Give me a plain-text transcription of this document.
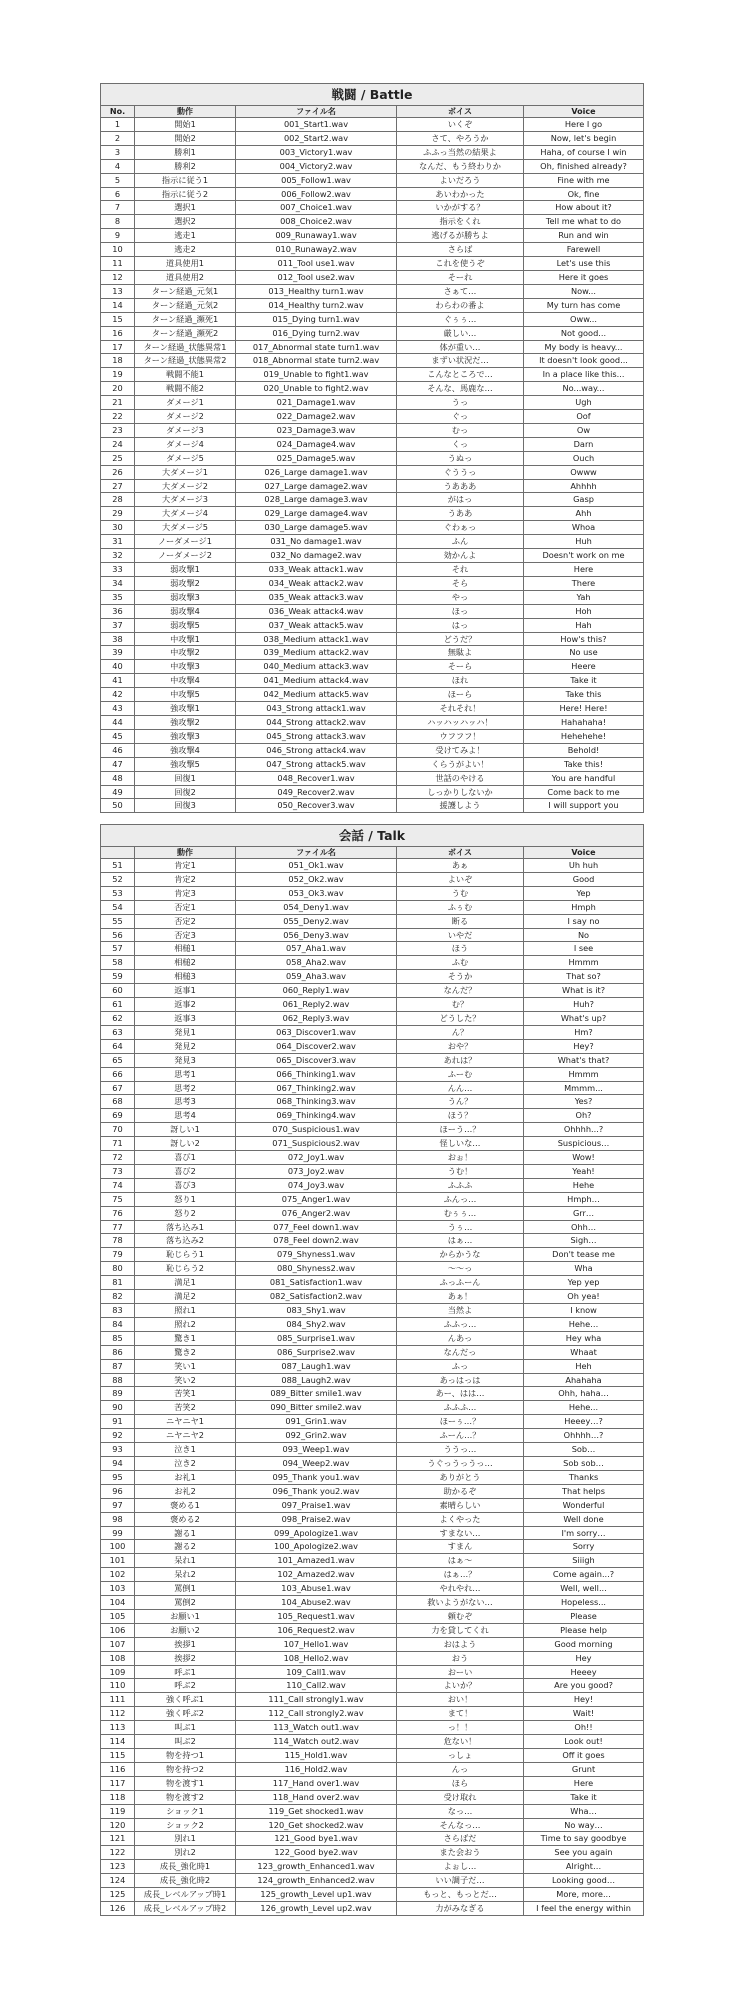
戦闘 / Battle				
No.	動作	ファイル名	ボイス	Voice
1	開始1	001_Start1.wav	いくぞ	Here I go
2	開始2	002_Start2.wav	さて、やろうか	Now, let's begin
3	勝利1	003_Victory1.wav	ふふっ当然の結果よ	Haha, of course I win
4	勝利2	004_Victory2.wav	なんだ、もう終わりか	Oh, finished already?
5	指示に従う1	005_Follow1.wav	よいだろう	Fine with me
6	指示に従う2	006_Follow2.wav	あいわかった	Ok, fine
7	選択1	007_Choice1.wav	いかがする？	How about it?
8	選択2	008_Choice2.wav	指示をくれ	Tell me what to do
9	逃走1	009_Runaway1.wav	逃げるが勝ちよ	Run and win
10	逃走2	010_Runaway2.wav	さらば	Farewell
11	道具使用1	011_Tool use1.wav	これを使うぞ	Let's use this
12	道具使用2	012_Tool use2.wav	そーれ	Here it goes
13	ターン経過_元気1	013_Healthy turn1.wav	さぁて…	Now...
14	ターン経過_元気2	014_Healthy turn2.wav	わらわの番よ	My turn has come
15	ターン経過_瀕死1	015_Dying turn1.wav	ぐぅぅ…	Oww...
16	ターン経過_瀕死2	016_Dying turn2.wav	厳しい…	Not good...
17	ターン経過_状態異常1	017_Abnormal state turn1.wav	体が重い…	My body is heavy...
18	ターン経過_状態異常2	018_Abnormal state turn2.wav	まずい状況だ…	It doesn't look good...
19	戦闘不能1	019_Unable to fight1.wav	こんなところで…	In a place like this...
20	戦闘不能2	020_Unable to fight2.wav	そんな、馬鹿な…	No...way...
21	ダメージ1	021_Damage1.wav	うっ	Ugh
22	ダメージ2	022_Damage2.wav	ぐっ	Oof
23	ダメージ3	023_Damage3.wav	むっ	Ow
24	ダメージ4	024_Damage4.wav	くっ	Darn
25	ダメージ5	025_Damage5.wav	うぬっ	Ouch
26	大ダメージ1	026_Large damage1.wav	ぐううっ	Owww
27	大ダメージ2	027_Large damage2.wav	うあああ	Ahhhh
28	大ダメージ3	028_Large damage3.wav	がはっ	Gasp
29	大ダメージ4	029_Large damage4.wav	うああ	Ahh
30	大ダメージ5	030_Large damage5.wav	ぐわぁっ	Whoa
31	ノーダメージ1	031_No damage1.wav	ふん	Huh
32	ノーダメージ2	032_No damage2.wav	効かんよ	Doesn't work on me
33	弱攻撃1	033_Weak attack1.wav	それ	Here
34	弱攻撃2	034_Weak attack2.wav	そら	There
35	弱攻撃3	035_Weak attack3.wav	やっ	Yah
36	弱攻撃4	036_Weak attack4.wav	ほっ	Hoh
37	弱攻撃5	037_Weak attack5.wav	はっ	Hah
38	中攻撃1	038_Medium attack1.wav	どうだ？	How's this?
39	中攻撃2	039_Medium attack2.wav	無駄よ	No use
40	中攻撃3	040_Medium attack3.wav	そーら	Heere
41	中攻撃4	041_Medium attack4.wav	ほれ	Take it
42	中攻撃5	042_Medium attack5.wav	ほーら	Take this
43	強攻撃1	043_Strong attack1.wav	それそれ！	Here! Here!
44	強攻撃2	044_Strong attack2.wav	ハッハッハッハ！	Hahahaha!
45	強攻撃3	045_Strong attack3.wav	ウフフフ！	Hehehehe!
46	強攻撃4	046_Strong attack4.wav	受けてみよ！	Behold!
47	強攻撃5	047_Strong attack5.wav	くらうがよい！	Take this!
48	回復1	048_Recover1.wav	世話のやける	You are handful
49	回復2	049_Recover2.wav	しっかりしないか	Come back to me
50	回復3	050_Recover3.wav	援護しよう	I will support you
会話 / Talk				
	動作	ファイル名	ボイス	Voice
51	肯定1	051_Ok1.wav	あぁ	Uh huh
52	肯定2	052_Ok2.wav	よいぞ	Good
53	肯定3	053_Ok3.wav	うむ	Yep
54	否定1	054_Deny1.wav	ふぅむ	Hmph
55	否定2	055_Deny2.wav	断る	I say no
56	否定3	056_Deny3.wav	いやだ	No
57	相槌1	057_Aha1.wav	ほう	I see
58	相槌2	058_Aha2.wav	ふむ	Hmmm
59	相槌3	059_Aha3.wav	そうか	That so?
60	返事1	060_Reply1.wav	なんだ？	What is it?
61	返事2	061_Reply2.wav	む？	Huh?
62	返事3	062_Reply3.wav	どうした？	What's up?
63	発見1	063_Discover1.wav	ん？	Hm?
64	発見2	064_Discover2.wav	おや？	Hey?
65	発見3	065_Discover3.wav	あれは？	What's that?
66	思考1	066_Thinking1.wav	ふーむ	Hmmm
67	思考2	067_Thinking2.wav	んん…	Mmmm...
68	思考3	068_Thinking3.wav	うん？	Yes?
69	思考4	069_Thinking4.wav	ほう？	Oh?
70	訝しい1	070_Suspicious1.wav	ほーう…？	Ohhhh...?
71	訝しい2	071_Suspicious2.wav	怪しいな…	Suspicious…
72	喜び1	072_Joy1.wav	おぉ！	Wow!
73	喜び2	073_Joy2.wav	うむ！	Yeah!
74	喜び3	074_Joy3.wav	ふふふ	Hehe
75	怒り1	075_Anger1.wav	ふんっ…	Hmph…
76	怒り2	076_Anger2.wav	むぅぅ…	Grr…
77	落ち込み1	077_Feel down1.wav	うぅ…	Ohh…
78	落ち込み2	078_Feel down2.wav	はぁ…	Sigh…
79	恥じらう1	079_Shyness1.wav	からかうな	Don't tease me
80	恥じらう2	080_Shyness2.wav	～～っ	Wha
81	満足1	081_Satisfaction1.wav	ふっふーん	Yep yep
82	満足2	082_Satisfaction2.wav	あぁ！	Oh yea!
83	照れ1	083_Shy1.wav	当然よ	I know
84	照れ2	084_Shy2.wav	ふふっ…	Hehe…
85	驚き1	085_Surprise1.wav	んあっ	Hey wha
86	驚き2	086_Surprise2.wav	なんだっ	Whaat
87	笑い1	087_Laugh1.wav	ふっ	Heh
88	笑い2	088_Laugh2.wav	あっはっは	Ahahaha
89	苦笑1	089_Bitter smile1.wav	あー、はは…	Ohh, haha…
90	苦笑2	090_Bitter smile2.wav	ふふふ…	Hehe...
91	ニヤニヤ1	091_Grin1.wav	ほーぅ…？	Heeey…?
92	ニヤニヤ2	092_Grin2.wav	ふーん…？	Ohhhh…?
93	泣き1	093_Weep1.wav	ううっ…	Sob…
94	泣き2	094_Weep2.wav	うぐっうっうっ…	Sob sob…
95	お礼1	095_Thank you1.wav	ありがとう	Thanks
96	お礼2	096_Thank you2.wav	助かるぞ	That helps
97	褒める1	097_Praise1.wav	素晴らしい	Wonderful
98	褒める2	098_Praise2.wav	よくやった	Well done
99	謝る1	099_Apologize1.wav	すまない…	I'm sorry…
100	謝る2	100_Apologize2.wav	すまん	Sorry
101	呆れ1	101_Amazed1.wav	はぁ～	Siiigh
102	呆れ2	102_Amazed2.wav	はぁ…？	Come again...?
103	罵倒1	103_Abuse1.wav	やれやれ…	Well, well...
104	罵倒2	104_Abuse2.wav	救いようがない…	Hopeless...
105	お願い1	105_Request1.wav	頼むぞ	Please
106	お願い2	106_Request2.wav	力を貸してくれ	Please help
107	挨拶1	107_Hello1.wav	おはよう	Good morning
108	挨拶2	108_Hello2.wav	おう	Hey
109	呼ぶ1	109_Call1.wav	おーい	Heeey
110	呼ぶ2	110_Call2.wav	よいか？	Are you good?
111	強く呼ぶ1	111_Call strongly1.wav	おい！	Hey!
112	強く呼ぶ2	112_Call strongly2.wav	まて！	Wait!
113	叫ぶ1	113_Watch out1.wav	っ！！	Oh!!
114	叫ぶ2	114_Watch out2.wav	危ない！	Look out!
115	物を持つ1	115_Hold1.wav	っしょ	Off it goes
116	物を持つ2	116_Hold2.wav	んっ	Grunt
117	物を渡す1	117_Hand over1.wav	ほら	Here
118	物を渡す2	118_Hand over2.wav	受け取れ	Take it
119	ショック1	119_Get shocked1.wav	なっ…	Wha…
120	ショック2	120_Get shocked2.wav	そんなっ…	No way…
121	別れ1	121_Good bye1.wav	さらばだ	Time to say goodbye
122	別れ2	122_Good bye2.wav	また会おう	See you again
123	成長_強化時1	123_growth_Enhanced1.wav	よぉし…	Alright…
124	成長_強化時2	124_growth_Enhanced2.wav	いい調子だ…	Looking good…
125	成長_レベルアップ時1	125_growth_Level up1.wav	もっと、もっとだ…	More, more...
126	成長_レベルアップ時2	126_growth_Level up2.wav	力がみなぎる	I feel the energy within
